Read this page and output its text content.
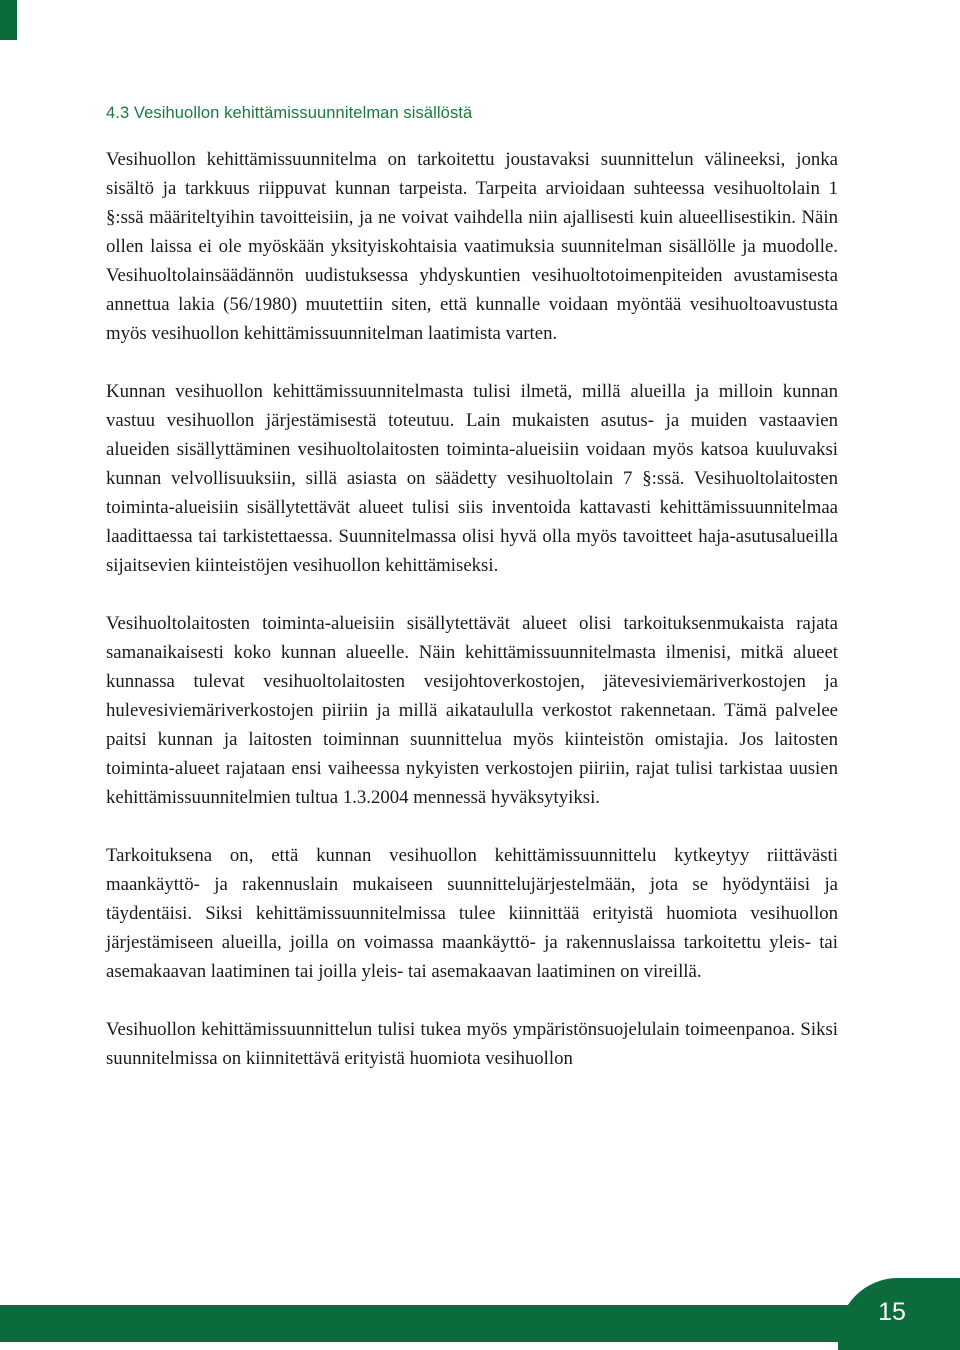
4.3 Vesihuollon kehittämissuunnitelman sisällöstä

Vesihuollon kehittämissuunnitelma on tarkoitettu joustavaksi suunnittelun välineeksi, jonka sisältö ja tarkkuus riippuvat kunnan tarpeista. Tarpeita arvioidaan suhteessa vesihuoltolain 1 §:ssä määriteltyihin tavoitteisiin, ja ne voivat vaihdella niin ajallisesti kuin alueellisestikin. Näin ollen laissa ei ole myöskään yksityiskohtaisia vaatimuksia suunnitelman sisällölle ja muodolle. Vesihuoltolainsäädännön uudistuksessa yhdyskuntien vesihuoltotoimenpiteiden avustamisesta annettua lakia (56/1980) muutettiin siten, että kunnalle voidaan myöntää vesihuoltoavustusta myös vesihuollon kehittämissuunnitelman laatimista varten.

Kunnan vesihuollon kehittämissuunnitelmasta tulisi ilmetä, millä alueilla ja milloin kunnan vastuu vesihuollon järjestämisestä toteutuu. Lain mukaisten asutus- ja muiden vastaavien alueiden sisällyttäminen vesihuoltolaitosten toiminta-alueisiin voidaan myös katsoa kuuluvaksi kunnan velvollisuuksiin, sillä asiasta on säädetty vesihuoltolain 7 §:ssä. Vesihuoltolaitosten toiminta-alueisiin sisällytettävät alueet tulisi siis inventoida kattavasti kehittämissuunnitelmaa laadittaessa tai tarkistettaessa. Suunnitelmassa olisi hyvä olla myös tavoitteet haja-asutusalueilla sijaitsevien kiinteistöjen vesihuollon kehittämiseksi.

Vesihuoltolaitosten toiminta-alueisiin sisällytettävät alueet olisi tarkoituksenmukaista rajata samanaikaisesti koko kunnan alueelle. Näin kehittämissuunnitelmasta ilmenisi, mitkä alueet kunnassa tulevat vesihuoltolaitosten vesijohtoverkostojen, jätevesiviemäriverkostojen ja hulevesiviemäriverkostojen piiriin ja millä aikataululla verkostot rakennetaan. Tämä palvelee paitsi kunnan ja laitosten toiminnan suunnittelua myös kiinteistön omistajia. Jos laitosten toiminta-alueet rajataan ensi vaiheessa nykyisten verkostojen piiriin, rajat tulisi tarkistaa uusien kehittämissuunnitelmien tultua 1.3.2004 mennessä hyväksytyiksi.

Tarkoituksena on, että kunnan vesihuollon kehittämissuunnittelu kytkeytyy riittävästi maankäyttö- ja rakennuslain mukaiseen suunnittelujärjestelmään, jota se hyödyntäisi ja täydentäisi. Siksi kehittämissuunnitelmissa tulee kiinnittää erityistä huomiota vesihuollon järjestämiseen alueilla, joilla on voimassa maankäyttö- ja rakennuslaissa tarkoitettu yleis- tai asemakaavan laatiminen tai joilla yleis- tai asemakaavan laatiminen on vireillä.

Vesihuollon kehittämissuunnittelun tulisi tukea myös ympäristönsuojelulain toimeenpanoa. Siksi suunnitelmissa on kiinnitettävä erityistä huomiota vesihuollon

15
